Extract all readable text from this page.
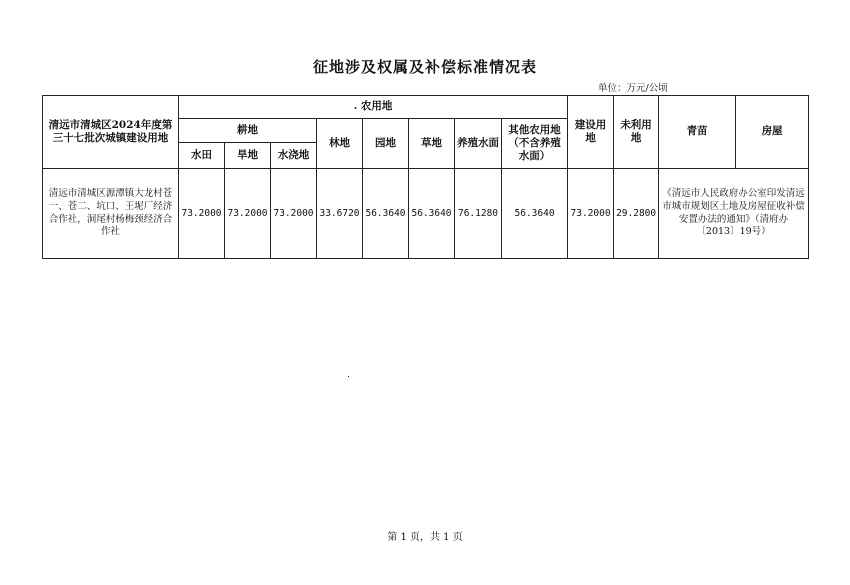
征地涉及权属及补偿标准情况表
单位：万元/公顷
清远市清城区2024年度第三十七批次城镇建设用地	. 农用地								建设用地	未利用地	青苗	房屋
	耕地			林地	园地	草地	养殖水面	其他农用地（不含养殖水面）				
	水田	旱地	水浇地									
清远市清城区源潭镇大龙村苍一、苍二、坑口、王坭厂经济合作社，洞尾村杨梅颈经济合作社	73.2000	73.2000	73.2000	33.6720	56.3640	56.3640	76.1280	56.3640	73.2000	29.2800	《清远市人民政府办公室印发清远市城市规划区土地及房屋征收补偿安置办法的通知》（清府办〔2013〕19号）	
.
第 1 页，共 1 页
